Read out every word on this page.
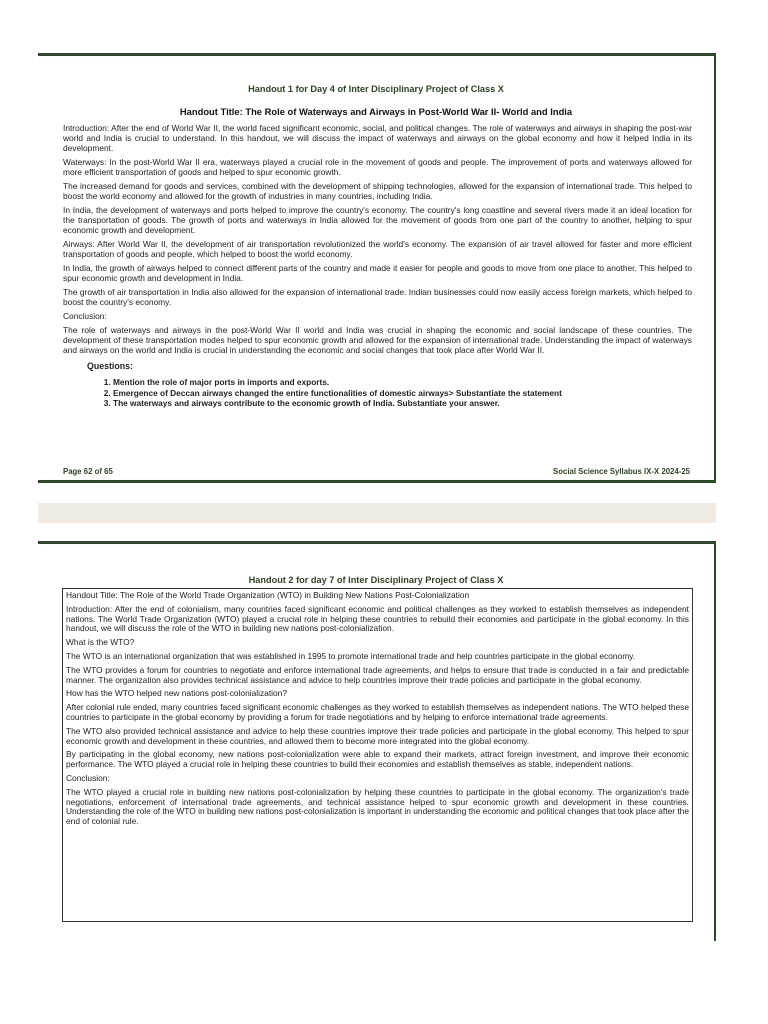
Handout 1 for Day 4 of Inter Disciplinary Project of Class X
Handout Title: The Role of Waterways and Airways in Post-World War II- World and India

Introduction: After the end of World War II, the world faced significant economic, social, and political changes. The role of waterways and airways in shaping the post-war world and India is crucial to understand. In this handout, we will discuss the impact of waterways and airways on the global economy and how it helped India in its development.

Waterways: In the post-World War II era, waterways played a crucial role in the movement of goods and people. The improvement of ports and waterways allowed for more efficient transportation of goods and helped to spur economic growth.

The increased demand for goods and services, combined with the development of shipping technologies, allowed for the expansion of international trade. This helped to boost the world economy and allowed for the growth of industries in many countries, including India.

In India, the development of waterways and ports helped to improve the country's economy. The country's long coastline and several rivers made it an ideal location for the transportation of goods. The growth of ports and waterways in India allowed for the movement of goods from one part of the country to another, helping to spur economic growth and development.

Airways: After World War II, the development of air transportation revolutionized the world's economy. The expansion of air travel allowed for faster and more efficient transportation of goods and people, which helped to boost the world economy.

In India, the growth of airways helped to connect different parts of the country and made it easier for people and goods to move from one place to another. This helped to spur economic growth and development in India.

The growth of air transportation in India also allowed for the expansion of international trade. Indian businesses could now easily access foreign markets, which helped to boost the country's economy.

Conclusion:

The role of waterways and airways in the post-World War II world and India was crucial in shaping the economic and social landscape of these countries. The development of these transportation modes helped to spur economic growth and allowed for the expansion of international trade. Understanding the impact of waterways and airways on the world and India is crucial in understanding the economic and social changes that took place after World War II.

Questions:

1. Mention the role of major ports in imports and exports.
2. Emergence of Deccan airways changed the entire functionalities of domestic airways> Substantiate the statement
3. The waterways and airways contribute to the economic growth of India. Substantiate your answer.
Page 62 of 65	Social Science Syllabus IX-X 2024-25
Handout 2 for day 7 of Inter Disciplinary Project of Class X

Handout Title: The Role of the World Trade Organization (WTO) in Building New Nations Post-Colonialization

Introduction: After the end of colonialism, many countries faced significant economic and political challenges as they worked to establish themselves as independent nations. The World Trade Organization (WTO) played a crucial role in helping these countries to rebuild their economies and participate in the global economy. In this handout, we will discuss the role of the WTO in building new nations post-colonialization.

What is the WTO?

The WTO is an international organization that was established in 1995 to promote international trade and help countries participate in the global economy.

The WTO provides a forum for countries to negotiate and enforce international trade agreements, and helps to ensure that trade is conducted in a fair and predictable manner. The organization also provides technical assistance and advice to help countries improve their trade policies and participate in the global economy.

How has the WTO helped new nations post-colonialization?

After colonial rule ended, many countries faced significant economic challenges as they worked to establish themselves as independent nations. The WTO helped these countries to participate in the global economy by providing a forum for trade negotiations and by helping to enforce international trade agreements.

The WTO also provided technical assistance and advice to help these countries improve their trade policies and participate in the global economy. This helped to spur economic growth and development in these countries, and allowed them to become more integrated into the global economy.

By participating in the global economy, new nations post-colonialization were able to expand their markets, attract foreign investment, and improve their economic performance. The WTO played a crucial role in helping these countries to build their economies and establish themselves as stable, independent nations.

Conclusion:

The WTO played a crucial role in building new nations post-colonialization by helping these countries to participate in the global economy. The organization's trade negotiations, enforcement of international trade agreements, and technical assistance helped to spur economic growth and development in these countries. Understanding the role of the WTO in building new nations post-colonialization is important in understanding the economic and political changes that took place after the end of colonial rule.
